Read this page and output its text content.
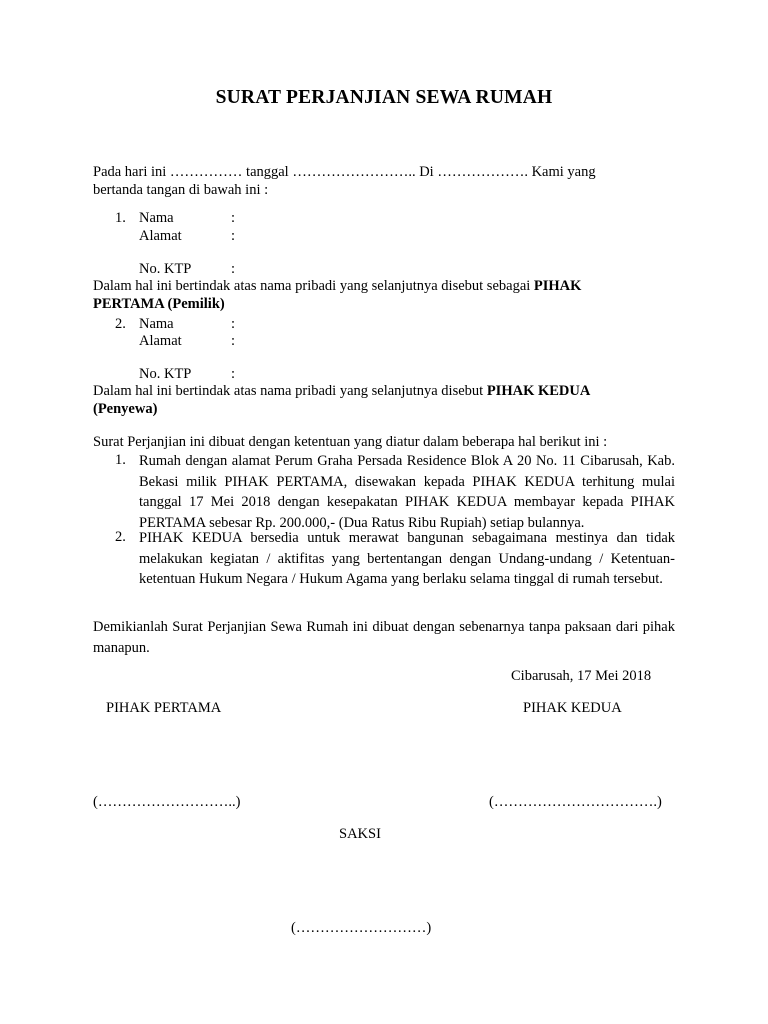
SURAT PERJANJIAN SEWA RUMAH
Pada hari ini …………… tanggal …………………….. Di ………………. Kami yang
bertanda tangan di bawah ini :
1. Nama	:
Alamat	:
No. KTP	:
Dalam hal ini bertindak atas nama pribadi yang selanjutnya disebut sebagai PIHAK
PERTAMA (Pemilik)
2. Nama	:
Alamat	:
No. KTP	:
Dalam hal ini bertindak atas nama pribadi yang selanjutnya disebut PIHAK KEDUA
(Penyewa)
Surat Perjanjian ini dibuat dengan ketentuan yang diatur dalam beberapa hal berikut ini :
1. Rumah dengan alamat Perum Graha Persada Residence Blok A 20 No. 11 Cibarusah, Kab. Bekasi milik PIHAK PERTAMA, disewakan kepada PIHAK KEDUA terhitung mulai tanggal 17 Mei 2018 dengan kesepakatan PIHAK KEDUA membayar kepada PIHAK PERTAMA sebesar Rp. 200.000,- (Dua Ratus Ribu Rupiah) setiap bulannya.
2. PIHAK KEDUA bersedia untuk merawat bangunan sebagaimana mestinya dan tidak melakukan kegiatan / aktifitas yang bertentangan dengan Undang-undang / Ketentuan-ketentuan Hukum Negara / Hukum Agama yang berlaku selama tinggal di rumah tersebut.
Demikianlah Surat Perjanjian Sewa Rumah ini dibuat dengan sebenarnya tanpa paksaan dari pihak manapun.
Cibarusah, 17 Mei 2018
PIHAK PERTAMA	PIHAK KEDUA
(………………………..)	(…………………………….)
SAKSI
(………………………)
